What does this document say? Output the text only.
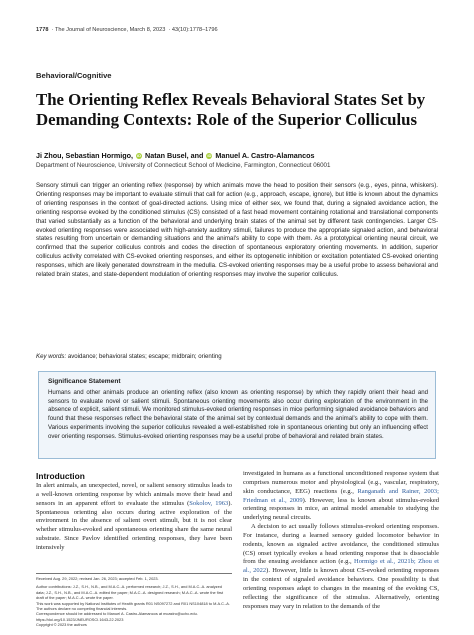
1778  · The Journal of Neuroscience, March 8, 2023  · 43(10):1778–1796
Behavioral/Cognitive
The Orienting Reflex Reveals Behavioral States Set by Demanding Contexts: Role of the Superior Colliculus
Ji Zhou, Sebastian Hormigo, iD Natan Busel, and iD Manuel A. Castro-Alamancos
Department of Neuroscience, University of Connecticut School of Medicine, Farmington, Connecticut 06001
Sensory stimuli can trigger an orienting reflex (response) by which animals move the head to position their sensors (e.g., eyes, pinna, whiskers). Orienting responses may be important to evaluate stimuli that call for action (e.g., approach, escape, ignore), but little is known about the dynamics of orienting responses in the context of goal-directed actions. Using mice of either sex, we found that, during a signaled avoidance action, the orienting response evoked by the conditioned stimulus (CS) consisted of a fast head movement containing rotational and translational components that varied substantially as a function of the behavioral and underlying brain states of the animal set by different task contingencies. Larger CS-evoked orienting responses were associated with high-anxiety auditory stimuli, failures to produce the appropriate signaled action, and behavioral states resulting from uncertain or demanding situations and the animal's ability to cope with them. As a prototypical orienting neural circuit, we confirmed that the superior colliculus controls and codes the direction of spontaneous exploratory orienting movements. In addition, superior colliculus activity correlated with CS-evoked orienting responses, and either its optogenetic inhibition or excitation potentiated CS-evoked orienting responses, which are likely generated downstream in the medulla. CS-evoked orienting responses may be a useful probe to assess behavioral and related brain states, and state-dependent modulation of orienting responses may involve the superior colliculus.
Key words: avoidance; behavioral states; escape; midbrain; orienting
Significance Statement
Humans and other animals produce an orienting reflex (also known as orienting response) by which they rapidly orient their head and sensors to evaluate novel or salient stimuli. Spontaneous orienting movements also occur during exploration of the environment in the absence of explicit, salient stimuli. We monitored stimulus-evoked orienting responses in mice performing signaled avoidance behaviors and found that these responses reflect the behavioral state of the animal set by contextual demands and the animal's ability to cope with them. Various experiments involving the superior colliculus revealed a well-established role in spontaneous orienting but only an influencing effect over orienting responses. Stimulus-evoked orienting responses may be a useful probe of behavioral and related brain states.
Introduction
In alert animals, an unexpected, novel, or salient sensory stimulus leads to a well-known orienting response by which animals move their head and sensors in an apparent effort to evaluate the stimulus (Sokolov, 1963). Spontaneous orienting also occurs during active exploration of the environment in the absence of salient overt stimuli, but it is not clear whether stimulus-evoked and spontaneous orienting share the same neural substrate. Since Pavlov identified orienting responses, they have been intensively
investigated in humans as a functional unconditioned response system that comprises numerous motor and physiological (e.g., vascular, respiratory, skin conductance, EEG) reactions (e.g., Ranganath and Rainer, 2003; Friedman et al., 2009). However, less is known about stimulus-evoked orienting responses in mice, an animal model amenable to studying the underlying neural circuits.
A decision to act usually follows stimulus-evoked orienting responses. For instance, during a learned sensory guided locomotor behavior in rodents, known as signaled active avoidance, the conditioned stimulus (CS) onset typically evokes a head orienting response that is dissociable from the ensuing avoidance action (e.g., Hormigo et al., 2021b; Zhou et al., 2022). However, little is known about CS-evoked orienting responses in the context of signaled avoidance behaviors. One possibility is that orienting responses adapt to changes in the meaning of the evoking CS, reflecting the significance of the stimulus. Alternatively, orienting responses may vary in relation to the demands of the
Received Aug. 29, 2022; revised Jan. 26, 2023; accepted Feb. 1, 2023.
Author contributions: J.Z., S.H., N.B., and M.A.C.-A. performed research; J.Z., S.H., and M.A.C.-A. analyzed
data; J.Z., S.H., N.B., and M.A.C.-A. edited the paper; M.A.C.-A. designed research; M.A.C.-A. wrote the first
draft of the paper; M.A.C.-A. wrote the paper.
This work was supported by National Institutes of Health grants R01 NS097272 and R01 NS104818 to M.A.C.-A.
The authors declare no competing financial interests.
Correspondence should be addressed to Manuel A. Castro-Alamancos at mcastro@uchc.edu.
https://doi.org/10.1523/JNEUROSCI.1643-22.2023
Copyright © 2023 the authors
